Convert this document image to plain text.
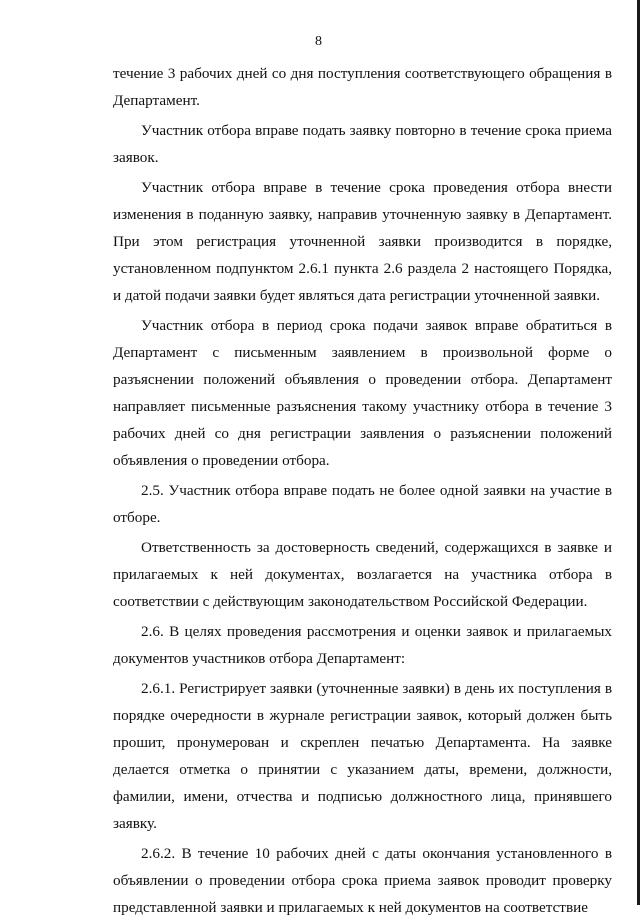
8

течение 3 рабочих дней со дня поступления соответствующего обращения в Департамент.

Участник отбора вправе подать заявку повторно в течение срока приема заявок.

Участник отбора вправе в течение срока проведения отбора внести изменения в поданную заявку, направив уточненную заявку в Департамент. При этом регистрация уточненной заявки производится в порядке, установленном подпунктом 2.6.1 пункта 2.6 раздела 2 настоящего Порядка, и датой подачи заявки будет являться дата регистрации уточненной заявки.

Участник отбора в период срока подачи заявок вправе обратиться в Департамент с письменным заявлением в произвольной форме о разъяснении положений объявления о проведении отбора. Департамент направляет письменные разъяснения такому участнику отбора в течение 3 рабочих дней со дня регистрации заявления о разъяснении положений объявления о проведении отбора.

2.5. Участник отбора вправе подать не более одной заявки на участие в отборе.

Ответственность за достоверность сведений, содержащихся в заявке и прилагаемых к ней документах, возлагается на участника отбора в соответствии с действующим законодательством Российской Федерации.

2.6. В целях проведения рассмотрения и оценки заявок и прилагаемых документов участников отбора Департамент:

2.6.1. Регистрирует заявки (уточненные заявки) в день их поступления в порядке очередности в журнале регистрации заявок, который должен быть прошит, пронумерован и скреплен печатью Департамента. На заявке делается отметка о принятии с указанием даты, времени, должности, фамилии, имени, отчества и подписью должностного лица, принявшего заявку.

2.6.2. В течение 10 рабочих дней с даты окончания установленного в объявлении о проведении отбора срока приема заявок проводит проверку представленной заявки и прилагаемых к ней документов на соответствие
